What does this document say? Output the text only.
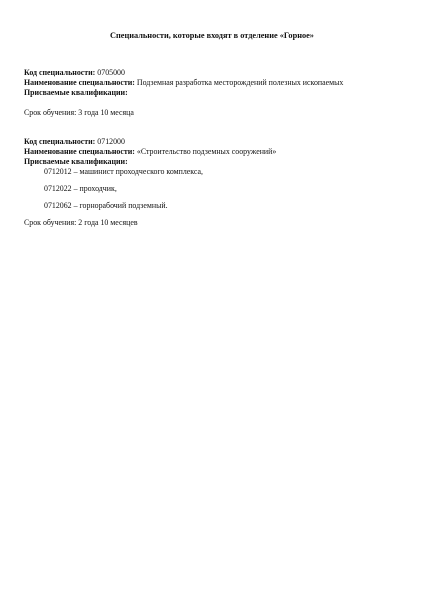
Специальности, которые входят в отделение «Горное»
Код специальности: 0705000
Наименование специальности: Подземная разработка месторождений полезных ископаемых
Присваемые квалификации:
Срок обучения: 3 года 10 месяца
Код специальности: 0712000
Наименование специальности: «Строительство подземных сооружений»
Присваемые квалификации:
0712012 – машинист проходческого комплекса,
0712022 – проходчик,
0712062 – горнорабочий подземный.
Срок обучения: 2 года 10 месяцев
